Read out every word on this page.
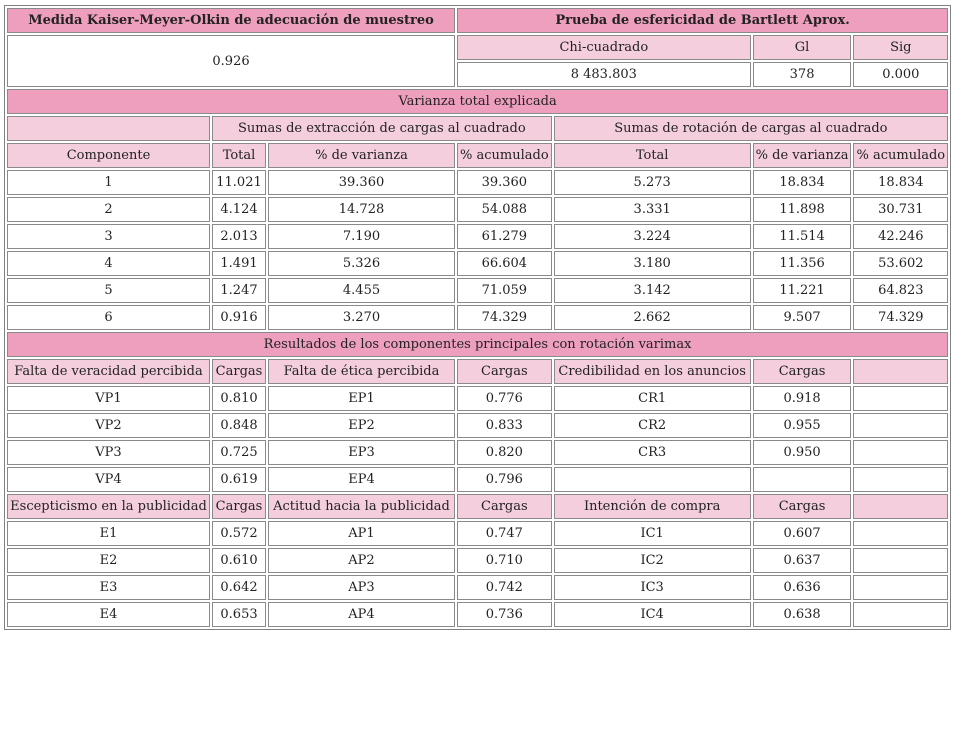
Medida Kaiser-Meyer-Olkin de adecuación de muestreo			Prueba de esfericidad de Bartlett Aprox.			
0.926			Chi-cuadrado		Gl	Sig
			8 483.803		378	0.000
Varianza total explicada						
	Sumas de extracción de cargas al cuadrado			Sumas de rotación de cargas al cuadrado		
Componente	Total	% de varianza	% acumulado	Total	% de varianza	% acumulado
1	11.021	39.360	39.360	5.273	18.834	18.834
2	4.124	14.728	54.088	3.331	11.898	30.731
3	2.013	7.190	61.279	3.224	11.514	42.246
4	1.491	5.326	66.604	3.180	11.356	53.602
5	1.247	4.455	71.059	3.142	11.221	64.823
6	0.916	3.270	74.329	2.662	9.507	74.329
Resultados de los componentes principales con rotación varimax						
Falta de veracidad percibida	Cargas	Falta de ética percibida	Cargas	Credibilidad en los anuncios	Cargas	
VP1	0.810	EP1	0.776	CR1	0.918	
VP2	0.848	EP2	0.833	CR2	0.955	
VP3	0.725	EP3	0.820	CR3	0.950	
VP4	0.619	EP4	0.796			
Escepticismo en la publicidad	Cargas	Actitud hacia la publicidad	Cargas	Intención de compra	Cargas	
E1	0.572	AP1	0.747	IC1	0.607	
E2	0.610	AP2	0.710	IC2	0.637	
E3	0.642	AP3	0.742	IC3	0.636	
E4	0.653	AP4	0.736	IC4	0.638	
